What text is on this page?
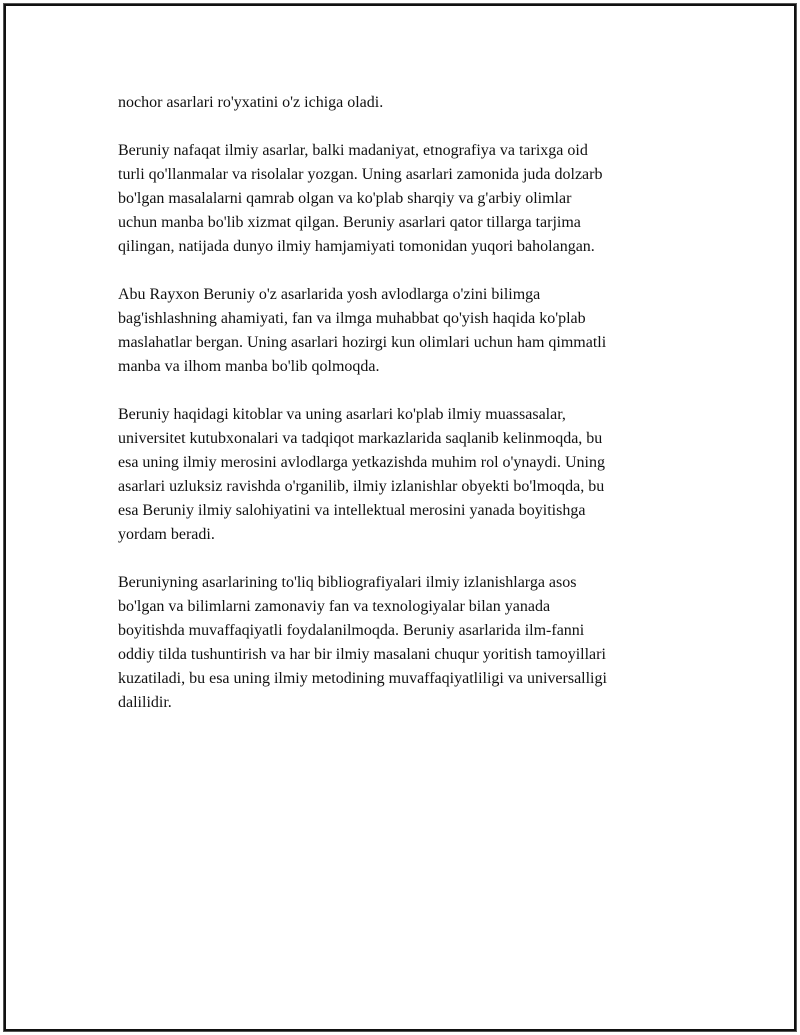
nochor asarlari ro'yxatini o'z ichiga oladi.

Beruniy nafaqat ilmiy asarlar, balki madaniyat, etnografiya va tarixga oid
turli qo'llanmalar va risolalar yozgan. Uning asarlari zamonida juda dolzarb
bo'lgan masalalarni qamrab olgan va ko'plab sharqiy va g'arbiy olimlar
uchun manba bo'lib xizmat qilgan. Beruniy asarlari qator tillarga tarjima
qilingan, natijada dunyo ilmiy hamjamiyati tomonidan yuqori baholangan.

Abu Rayxon Beruniy o'z asarlarida yosh avlodlarga o'zini bilimga
bag'ishlashning ahamiyati, fan va ilmga muhabbat qo'yish haqida ko'plab
maslahatlar bergan. Uning asarlari hozirgi kun olimlari uchun ham qimmatli
manba va ilhom manba bo'lib qolmoqda.

Beruniy haqidagi kitoblar va uning asarlari ko'plab ilmiy muassasalar,
universitet kutubxonalari va tadqiqot markazlarida saqlanib kelinmoqda, bu
esa uning ilmiy merosini avlodlarga yetkazishda muhim rol o'ynaydi. Uning
asarlari uzluksiz ravishda o'rganilib, ilmiy izlanishlar obyekti bo'lmoqda, bu
esa Beruniy ilmiy salohiyatini va intellektual merosini yanada boyitishga
yordam beradi.

Beruniyning asarlarining to'liq bibliografiyalari ilmiy izlanishlarga asos
bo'lgan va bilimlarni zamonaviy fan va texnologiyalar bilan yanada
boyitishda muvaffaqiyatli foydalanilmoqda. Beruniy asarlarida ilm-fanni
oddiy tilda tushuntirish va har bir ilmiy masalani chuqur yoritish tamoyillari
kuzatiladi, bu esa uning ilmiy metodining muvaffaqiyatliligi va universalligi
dalilidir.
